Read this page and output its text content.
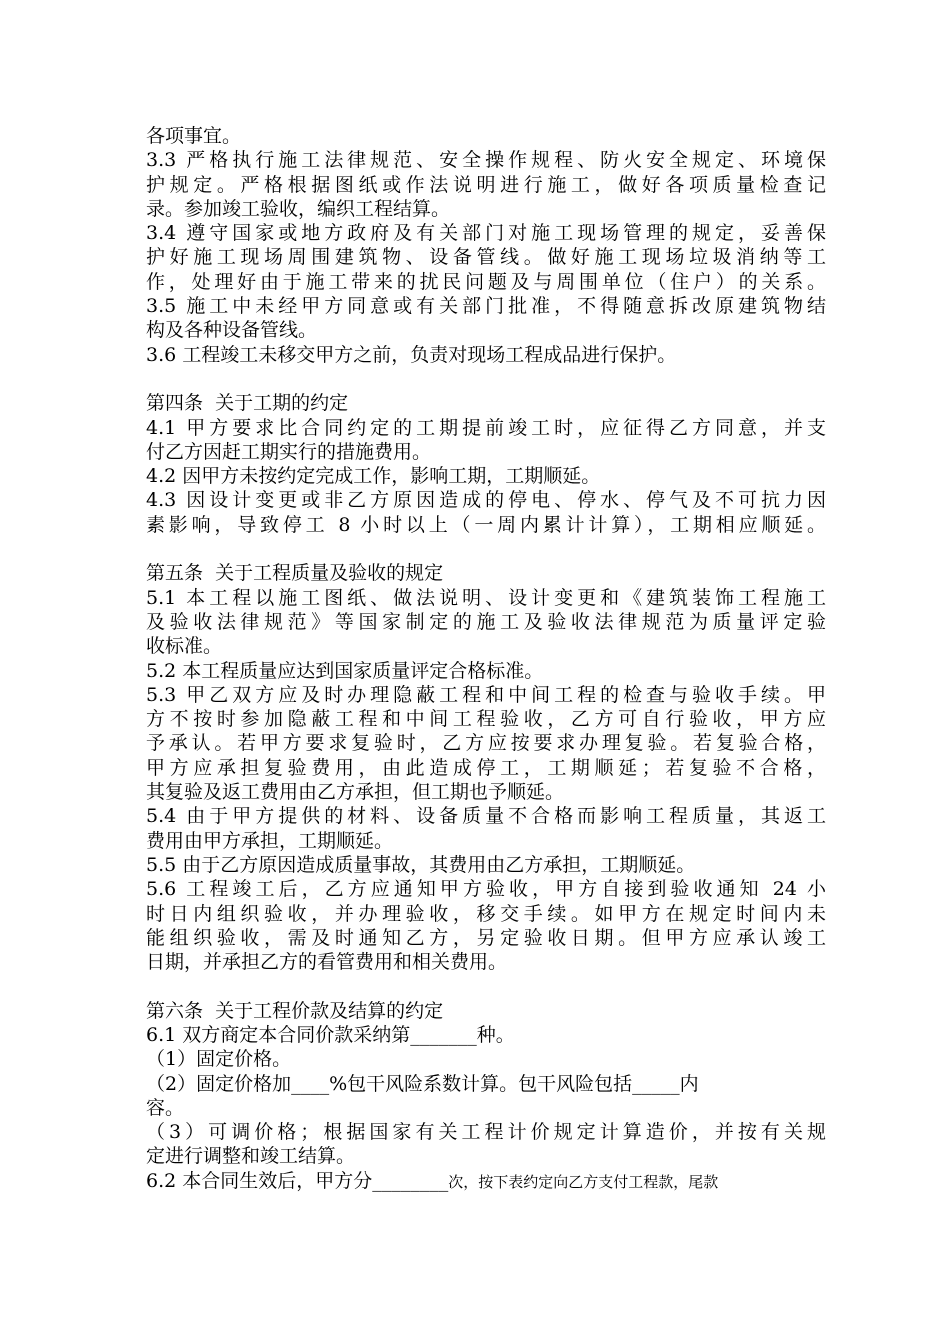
各项事宜。
3.3 严格执行施工法律规范、安全操作规程、防火安全规定、环境保
护规定。严格根据图纸或作法说明进行施工，做好各项质量检查记
录。参加竣工验收，编织工程结算。
3.4 遵守国家或地方政府及有关部门对施工现场管理的规定，妥善保
护好施工现场周围建筑物、设备管线。做好施工现场垃圾消纳等工
作，处理好由于施工带来的扰民问题及与周围单位（住户）的关系。
3.5 施工中未经甲方同意或有关部门批准，不得随意拆改原建筑物结
构及各种设备管线。
3.6 工程竣工未移交甲方之前，负责对现场工程成品进行保护。
第四条  关于工期的约定
4.1 甲方要求比合同约定的工期提前竣工时，应征得乙方同意，并支
付乙方因赶工期实行的措施费用。
4.2 因甲方未按约定完成工作，影响工期，工期顺延。
4.3 因设计变更或非乙方原因造成的停电、停水、停气及不可抗力因
素影响，导致停工 8 小时以上（一周内累计计算），工期相应顺延。
第五条  关于工程质量及验收的规定
5.1 本工程以施工图纸、做法说明、设计变更和《建筑装饰工程施工
及验收法律规范》等国家制定的施工及验收法律规范为质量评定验
收标准。
5.2 本工程质量应达到国家质量评定合格标准。
5.3 甲乙双方应及时办理隐蔽工程和中间工程的检查与验收手续。甲
方不按时参加隐蔽工程和中间工程验收，乙方可自行验收，甲方应
予承认。若甲方要求复验时，乙方应按要求办理复验。若复验合格，
甲方应承担复验费用，由此造成停工，工期顺延；若复验不合格，
其复验及返工费用由乙方承担，但工期也予顺延。
5.4 由于甲方提供的材料、设备质量不合格而影响工程质量，其返工
费用由甲方承担，工期顺延。
5.5 由于乙方原因造成质量事故，其费用由乙方承担，工期顺延。
5.6 工程竣工后，乙方应通知甲方验收，甲方自接到验收通知 24 小
时日内组织验收，并办理验收，移交手续。如甲方在规定时间内未
能组织验收，需及时通知乙方，另定验收日期。但甲方应承认竣工
日期，并承担乙方的看管费用和相关费用。
第六条  关于工程价款及结算的约定
6.1 双方商定本合同价款采纳第_______种。
（1）固定价格。
（2）固定价格加____%包干风险系数计算。包干风险包括_____内
容。
（3）可调价格；根据国家有关工程计价规定计算造价，并按有关规
定进行调整和竣工结算。
6.2 本合同生效后，甲方分________次，按下表约定向乙方支付工程款，尾款
